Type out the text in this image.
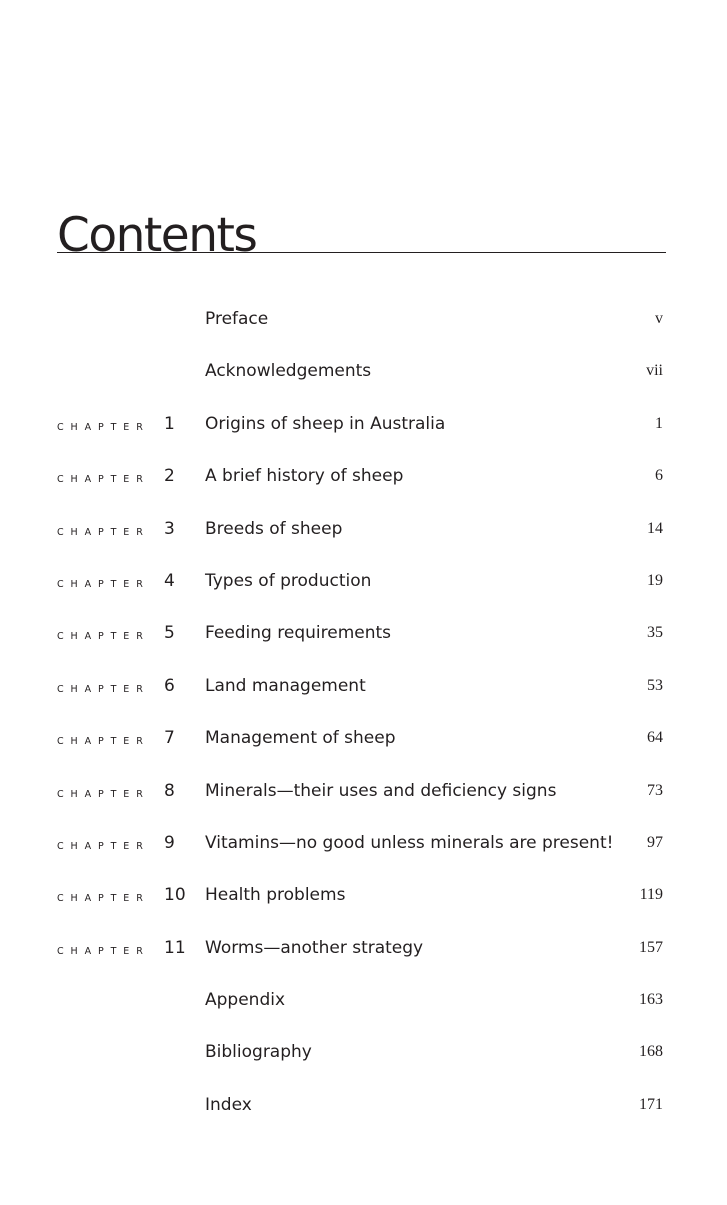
Contents
Preface	v
Acknowledgements	vii
CHAPTER 1 Origins of sheep in Australia	1
CHAPTER 2 A brief history of sheep	6
CHAPTER 3 Breeds of sheep	14
CHAPTER 4 Types of production	19
CHAPTER 5 Feeding requirements	35
CHAPTER 6 Land management	53
CHAPTER 7 Management of sheep	64
CHAPTER 8 Minerals—their uses and deficiency signs	73
CHAPTER 9 Vitamins—no good unless minerals are present! 97
CHAPTER 10 Health problems	119
CHAPTER 11 Worms—another strategy	157
Appendix	163
Bibliography	168
Index	171
